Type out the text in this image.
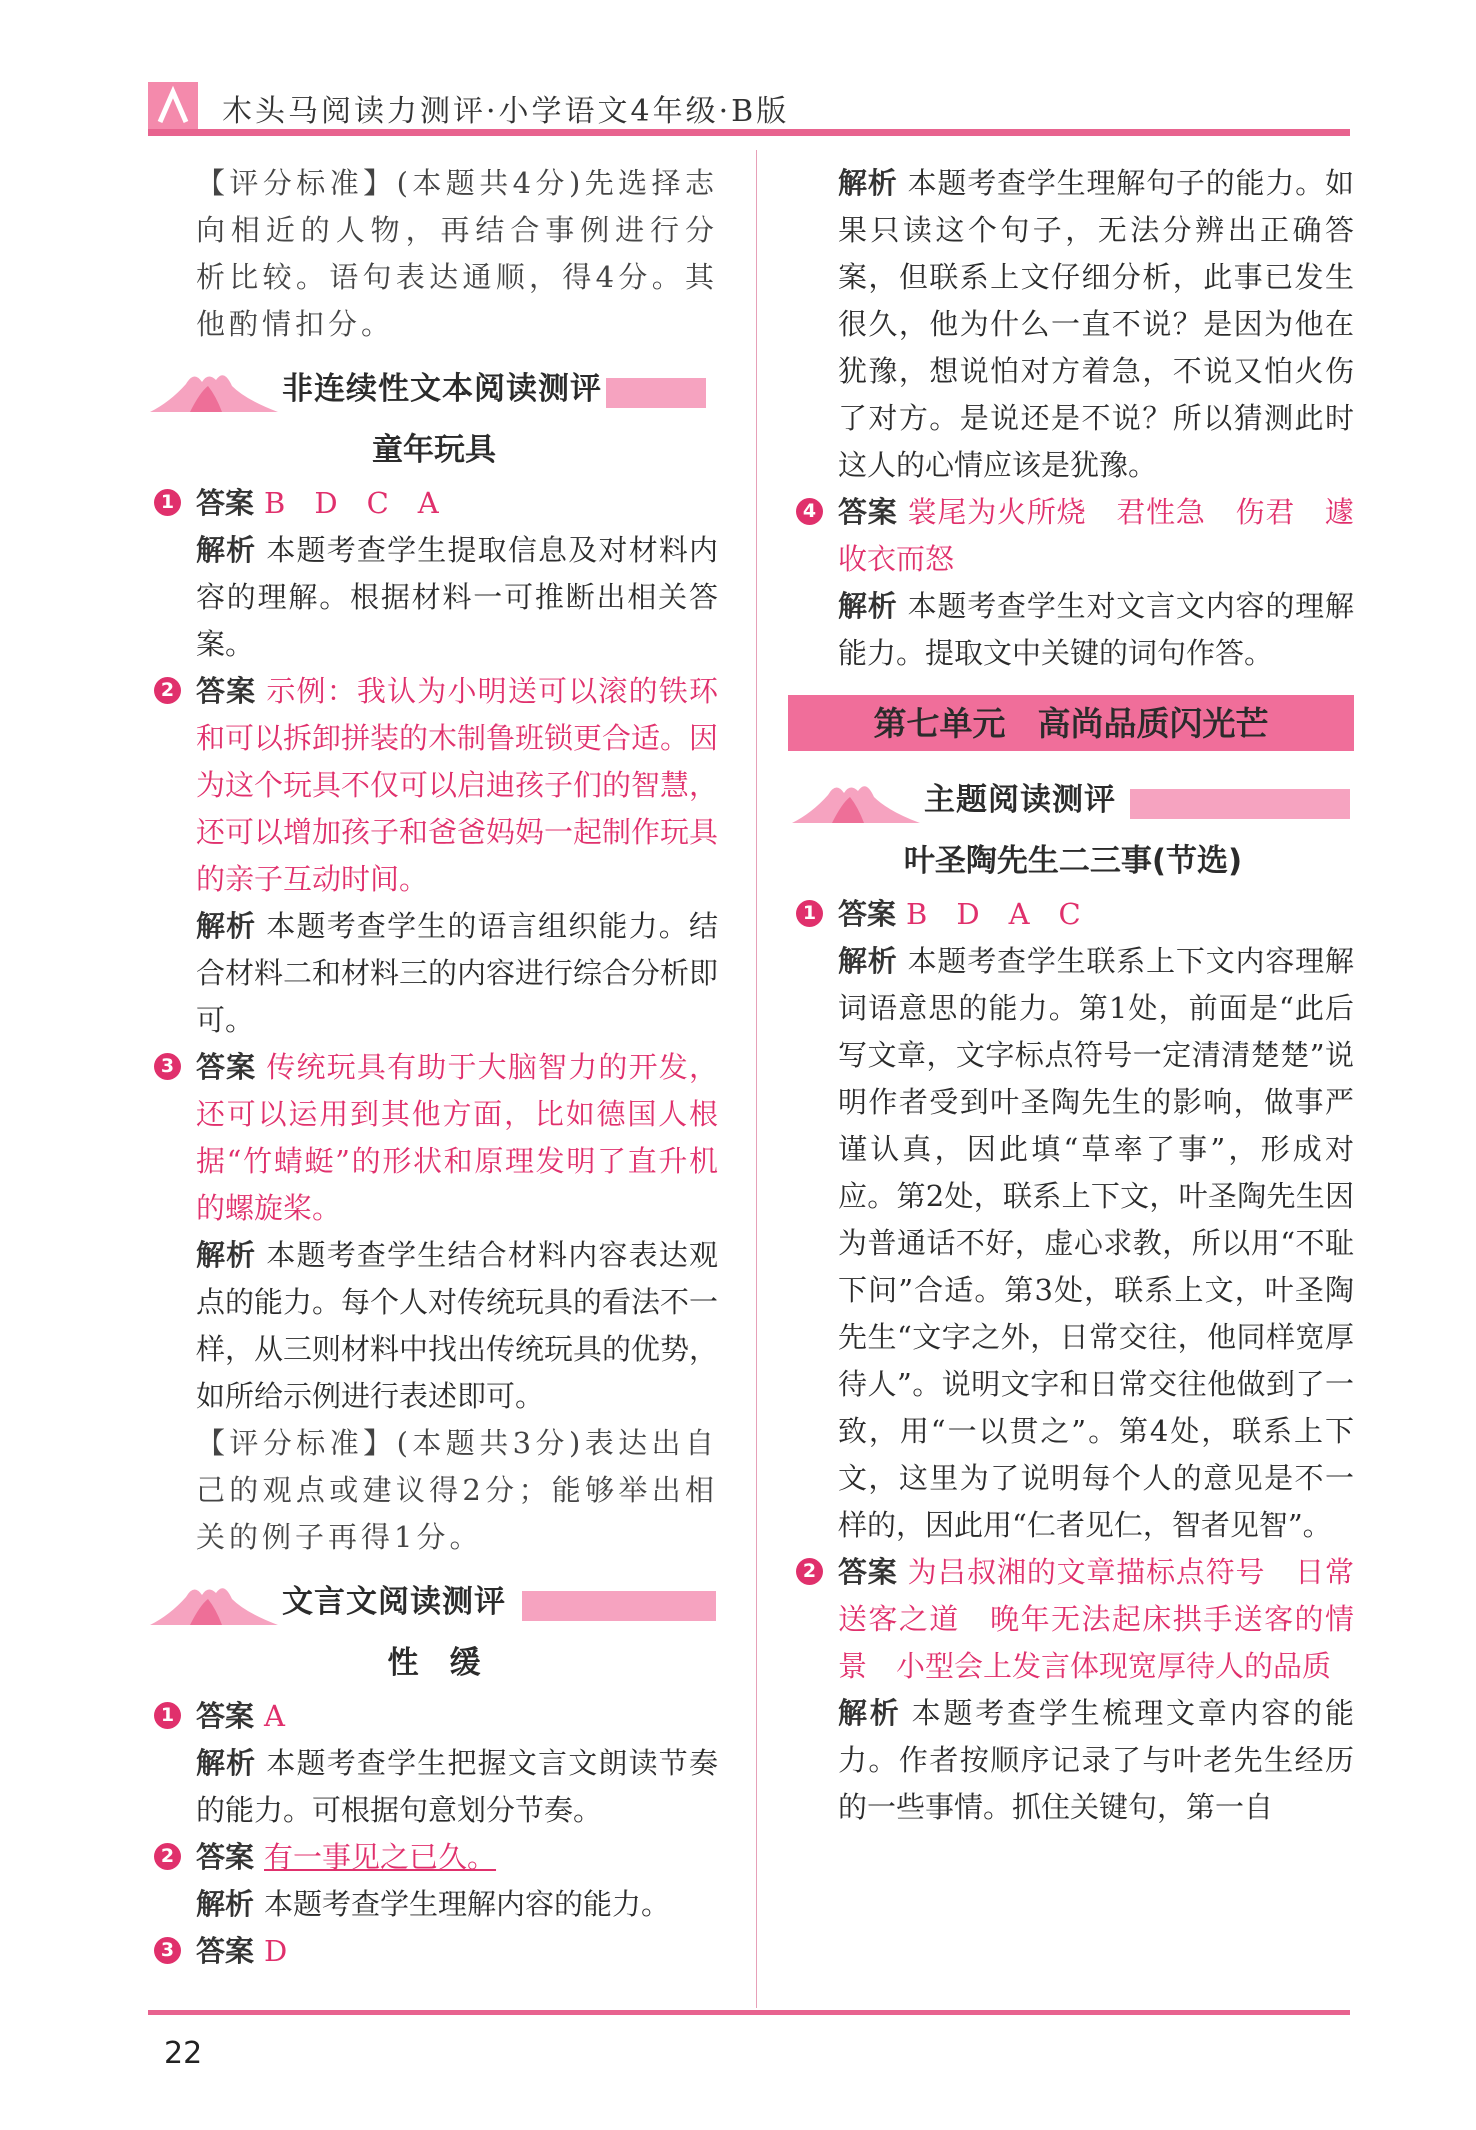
木头马阅读力测评·小学语文4年级·B版

【评分标准】(本题共4分)先选择志向相近的人物，再结合事例进行分析比较。语句表达通顺，得4分。其他酌情扣分。

非连续性文本阅读测评
童年玩具
1 答案 B　D　C　A
解析 本题考查学生提取信息及对材料内容的理解。根据材料一可推断出相关答案。
2 答案 示例：我认为小明送可以滚的铁环和可以拆卸拼装的木制鲁班锁更合适。因为这个玩具不仅可以启迪孩子们的智慧，还可以增加孩子和爸爸妈妈一起制作玩具的亲子互动时间。
解析 本题考查学生的语言组织能力。结合材料二和材料三的内容进行综合分析即可。
3 答案 传统玩具有助于大脑智力的开发，还可以运用到其他方面，比如德国人根据“竹蜻蜓”的形状和原理发明了直升机的螺旋桨。
解析 本题考查学生结合材料内容表达观点的能力。每个人对传统玩具的看法不一样，从三则材料中找出传统玩具的优势，如所给示例进行表述即可。
【评分标准】(本题共3分)表达出自己的观点或建议得2分；能够举出相关的例子再得1分。
文言文阅读测评
性　缓
1 答案 A
解析 本题考查学生把握文言文朗读节奏的能力。可根据句意划分节奏。
2 答案 有一事见之已久。
解析 本题考查学生理解内容的能力。
3 答案 D

解析 本题考查学生理解句子的能力。如果只读这个句子，无法分辨出正确答案，但联系上文仔细分析，此事已发生很久，他为什么一直不说？是因为他在犹豫，想说怕对方着急，不说又怕火伤了对方。是说还是不说？所以猜测此时这人的心情应该是犹豫。

4 答案 裳尾为火所烧　君性急　伤君　遽收衣而怒
解析 本题考查学生对文言文内容的理解能力。提取文中关键的词句作答。
第七单元 高尚品质闪光芒
主题阅读测评
叶圣陶先生二三事(节选)
1 答案 B　D　A　C
解析 本题考查学生联系上下文内容理解词语意思的能力。第1处，前面是“此后写文章，文字标点符号一定清清楚楚”说明作者受到叶圣陶先生的影响，做事严谨认真，因此填“草率了事”，形成对应。第2处，联系上下文，叶圣陶先生因为普通话不好，虚心求教，所以用“不耻下问”合适。第3处，联系上文，叶圣陶先生“文字之外，日常交往，他同样宽厚待人”。说明文字和日常交往他做到了一致，用“一以贯之”。第4处，联系上下文，这里为了说明每个人的意见是不一样的，因此用“仁者见仁，智者见智”。
2 答案 为吕叔湘的文章描标点符号　日常送客之道　晚年无法起床拱手送客的情景　小型会上发言体现宽厚待人的品质
解析 本题考查学生梳理文章内容的能力。作者按顺序记录了与叶老先生经历的一些事情。抓住关键句，第一自
22
